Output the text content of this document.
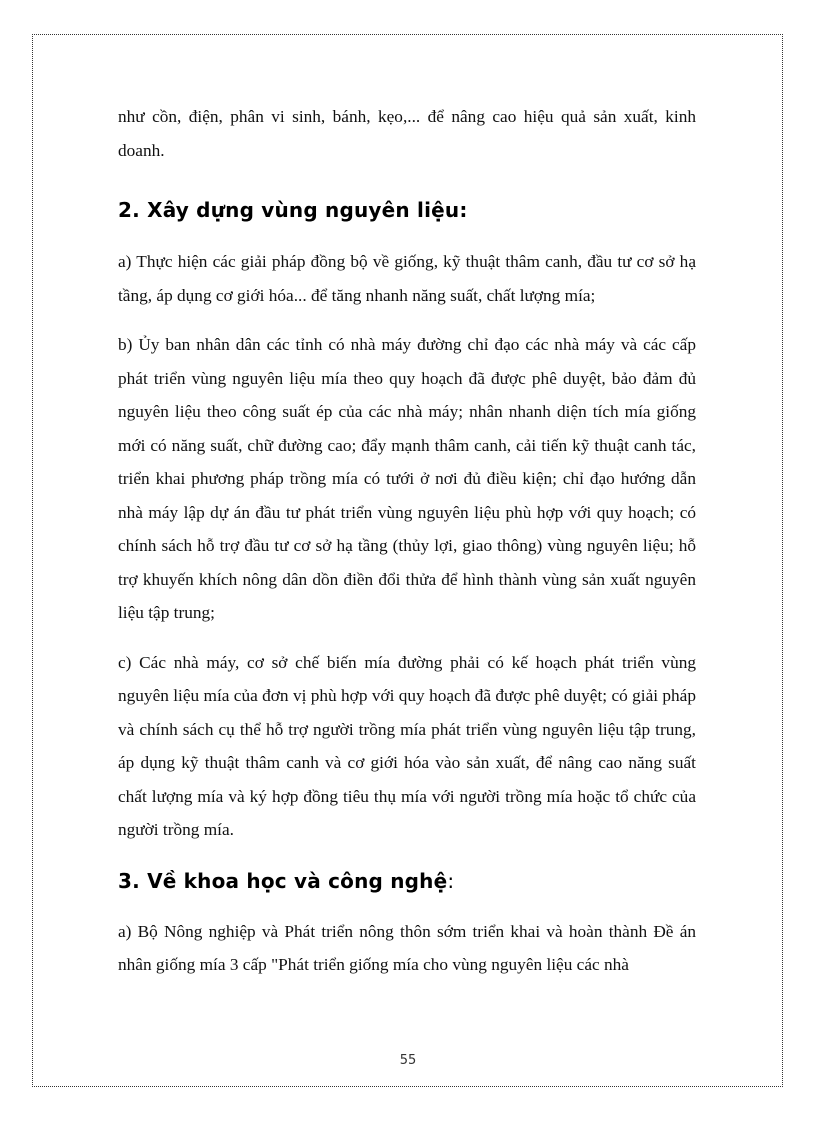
như cồn, điện, phân vi sinh, bánh, kẹo,... để nâng cao hiệu quả sản xuất, kinh doanh.

2. Xây dựng vùng nguyên liệu:

a) Thực hiện các giải pháp đồng bộ về giống, kỹ thuật thâm canh, đầu tư cơ sở hạ tầng, áp dụng cơ giới hóa... để tăng nhanh năng suất, chất lượng mía;

b) Ủy ban nhân dân các tỉnh có nhà máy đường chỉ đạo các nhà máy và các cấp phát triển vùng nguyên liệu mía theo quy hoạch đã được phê duyệt, bảo đảm đủ nguyên liệu theo công suất ép của các nhà máy; nhân nhanh diện tích mía giống mới có năng suất, chữ đường cao; đẩy mạnh thâm canh, cải tiến kỹ thuật canh tác, triển khai phương pháp trồng mía có tưới ở nơi đủ điều kiện; chỉ đạo hướng dẫn nhà máy lập dự án đầu tư phát triển vùng nguyên liệu phù hợp với quy hoạch; có chính sách hỗ trợ đầu tư cơ sở hạ tầng (thủy lợi, giao thông) vùng nguyên liệu; hỗ trợ khuyến khích nông dân dồn điền đổi thửa để hình thành vùng sản xuất nguyên liệu tập trung;

c) Các nhà máy, cơ sở chế biến mía đường phải có kế hoạch phát triển vùng nguyên liệu mía của đơn vị phù hợp với quy hoạch đã được phê duyệt; có giải pháp và chính sách cụ thể hỗ trợ người trồng mía phát triển vùng nguyên liệu tập trung, áp dụng kỹ thuật thâm canh và cơ giới hóa vào sản xuất, để nâng cao năng suất chất lượng mía và ký hợp đồng tiêu thụ mía với người trồng mía hoặc tổ chức của người trồng mía.

3. Về khoa học và công nghệ:

a) Bộ Nông nghiệp và Phát triển nông thôn sớm triển khai và hoàn thành Đề án nhân giống mía 3 cấp "Phát triển giống mía cho vùng nguyên liệu các nhà

55
